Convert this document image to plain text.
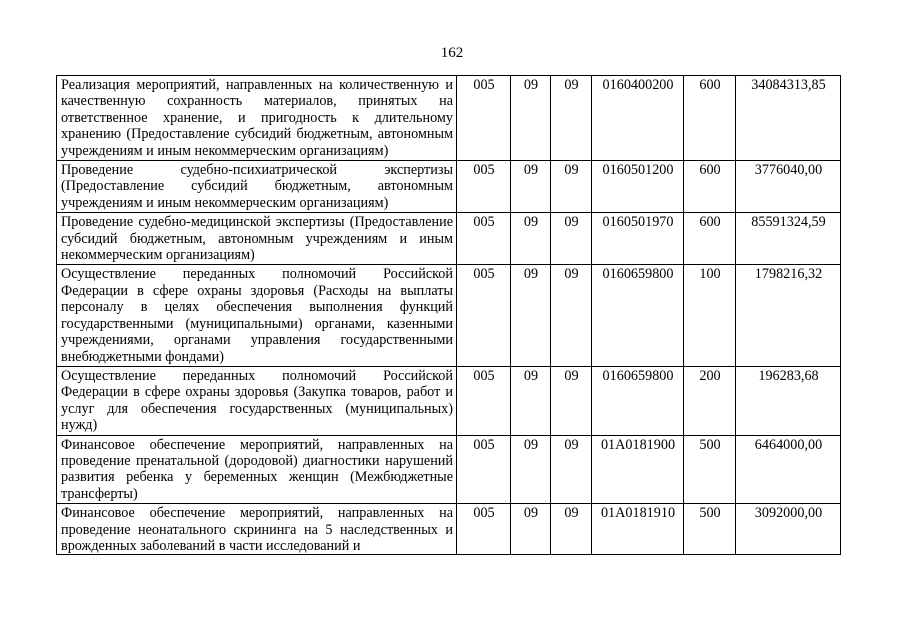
162
Реализация мероприятий, направленных на количественную и качественную сохранность материалов, принятых на ответственное хранение, и пригодность к длительному хранению (Предоставление субсидий бюджетным, автономным учреждениям и иным некоммерческим организациям)	005	09	09	0160400200	600	34084313,85
Проведение судебно-психиатрической экспертизы (Предоставление субсидий бюджетным, автономным учреждениям и иным некоммерческим организациям)	005	09	09	0160501200	600	3776040,00
Проведение судебно-медицинской экспертизы (Предоставление субсидий бюджетным, автономным учреждениям и иным некоммерческим организациям)	005	09	09	0160501970	600	85591324,59
Осуществление переданных полномочий Российской Федерации в сфере охраны здоровья (Расходы на выплаты персоналу в целях обеспечения выполнения функций государственными (муниципальными) органами, казенными учреждениями, органами управления государственными внебюджетными фондами)	005	09	09	0160659800	100	1798216,32
Осуществление переданных полномочий Российской Федерации в сфере охраны здоровья (Закупка товаров, работ и услуг для обеспечения государственных (муниципальных) нужд)	005	09	09	0160659800	200	196283,68
Финансовое обеспечение мероприятий, направленных на проведение пренатальной (дородовой) диагностики нарушений развития ребенка у беременных женщин (Межбюджетные трансферты)	005	09	09	01А0181900	500	6464000,00

Финансовое обеспечение мероприятий, направленных на проведение неонатального скрининга на 5 наследственных и врожденных заболеваний в части исследований и	005	09	09	01А0181910	500	3092000,00
